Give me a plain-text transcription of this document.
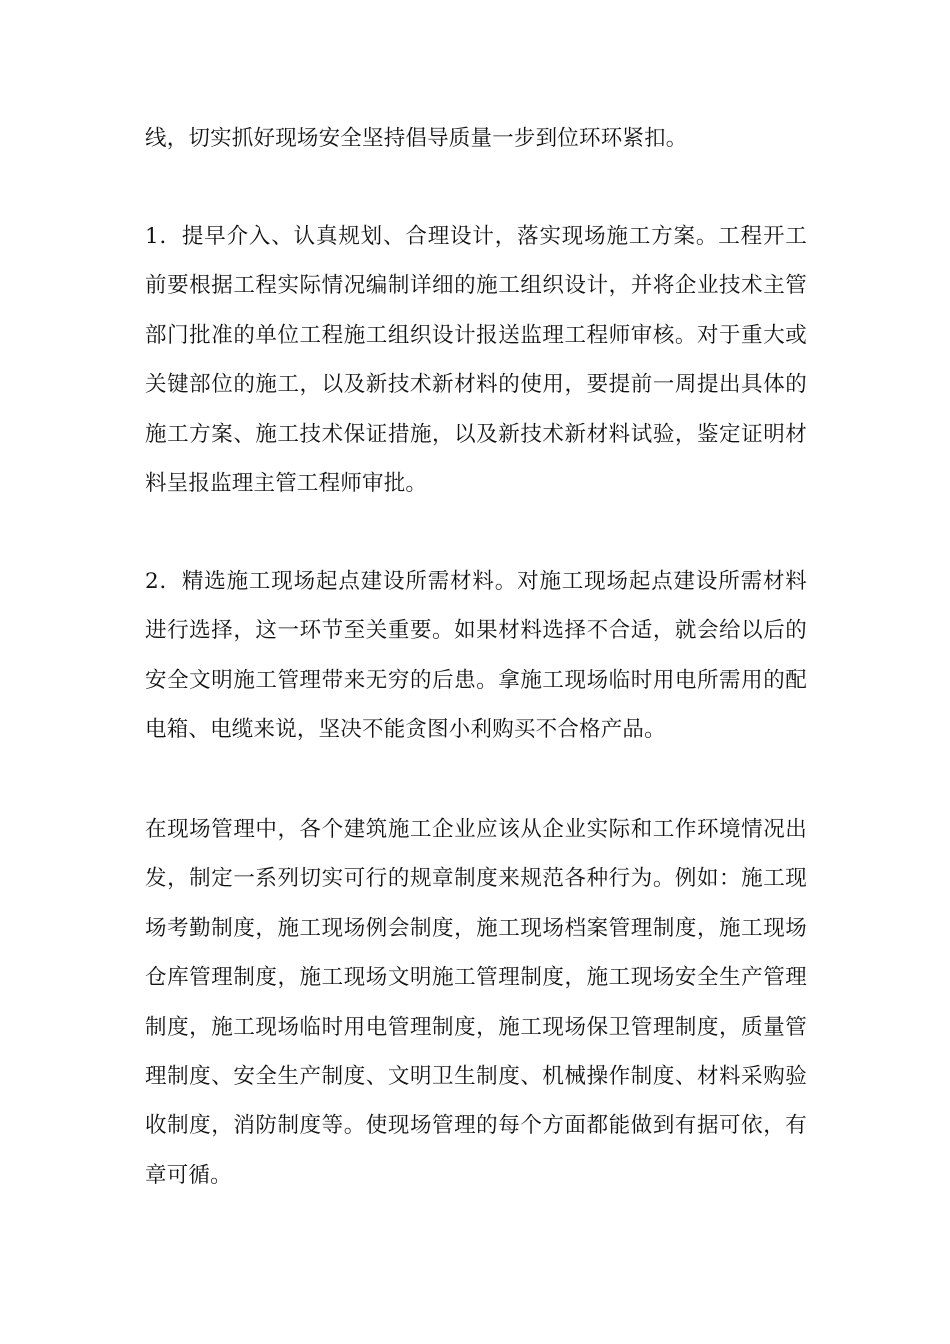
线，切实抓好现场安全坚持倡导质量一步到位环环紧扣。

1．提早介入、认真规划、合理设计，落实现场施工方案。工程开工前要根据工程实际情况编制详细的施工组织设计，并将企业技术主管部门批准的单位工程施工组织设计报送监理工程师审核。对于重大或关键部位的施工，以及新技术新材料的使用，要提前一周提出具体的施工方案、施工技术保证措施，以及新技术新材料试验，鉴定证明材料呈报监理主管工程师审批。

2．精选施工现场起点建设所需材料。对施工现场起点建设所需材料进行选择，这一环节至关重要。如果材料选择不合适，就会给以后的安全文明施工管理带来无穷的后患。拿施工现场临时用电所需用的配电箱、电缆来说，坚决不能贪图小利购买不合格产品。

在现场管理中，各个建筑施工企业应该从企业实际和工作环境情况出发，制定一系列切实可行的规章制度来规范各种行为。例如：施工现场考勤制度，施工现场例会制度，施工现场档案管理制度，施工现场仓库管理制度，施工现场文明施工管理制度，施工现场安全生产管理制度，施工现场临时用电管理制度，施工现场保卫管理制度，质量管理制度、安全生产制度、文明卫生制度、机械操作制度、材料采购验收制度，消防制度等。使现场管理的每个方面都能做到有据可依，有章可循。
